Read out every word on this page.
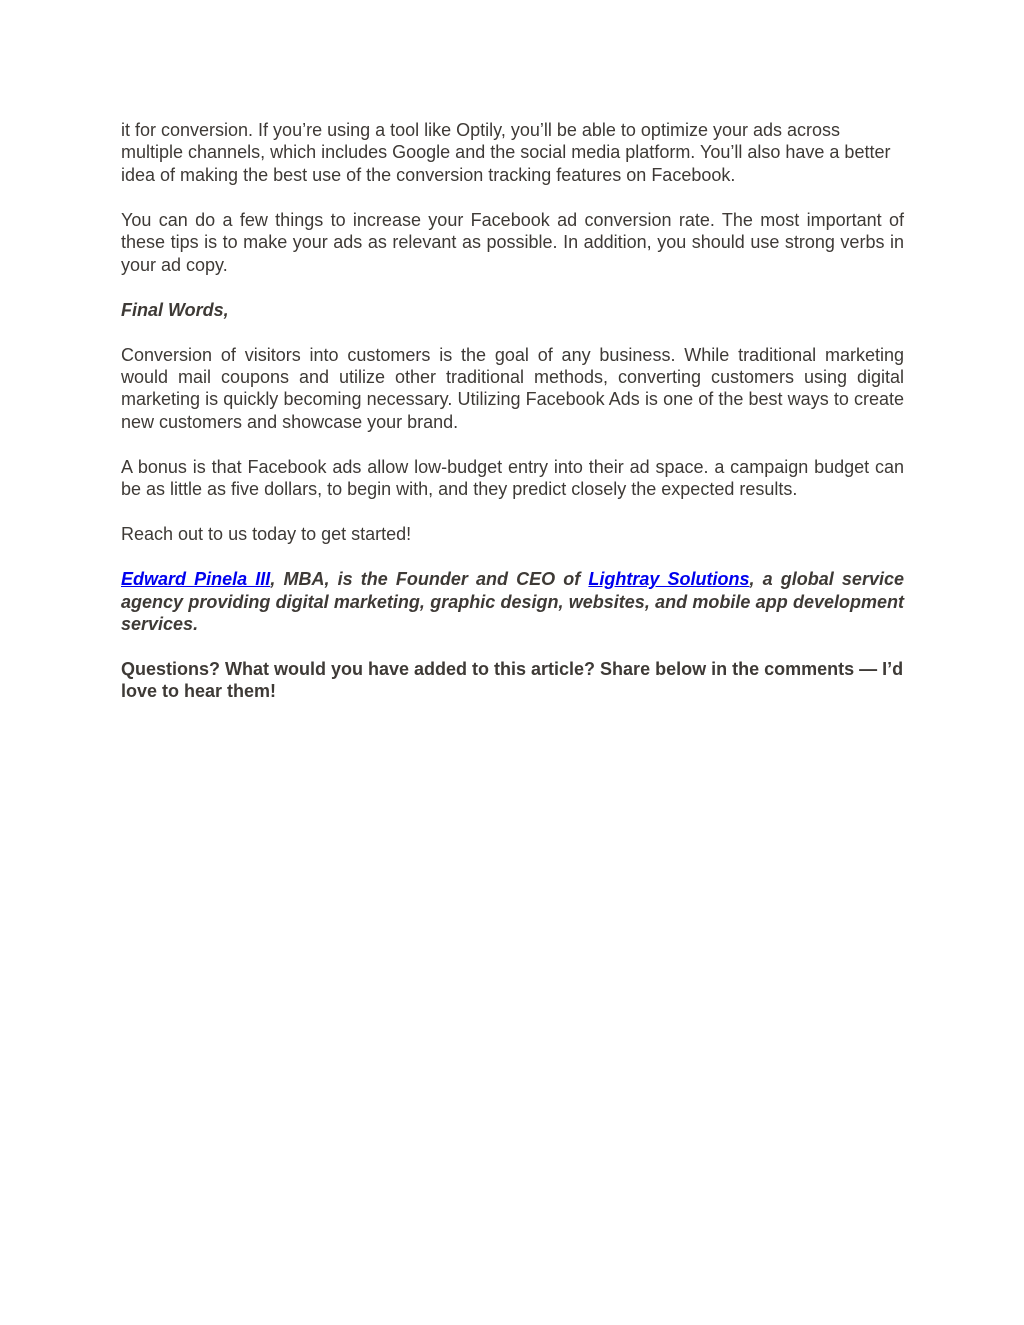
it for conversion. If you’re using a tool like Optily, you’ll be able to optimize your ads across multiple channels, which includes Google and the social media platform. You’ll also have a better idea of making the best use of the conversion tracking features on Facebook.

You can do a few things to increase your Facebook ad conversion rate. The most important of these tips is to make your ads as relevant as possible. In addition, you should use strong verbs in your ad copy.

Final Words,

Conversion of visitors into customers is the goal of any business. While traditional marketing would mail coupons and utilize other traditional methods, converting customers using digital marketing is quickly becoming necessary. Utilizing Facebook Ads is one of the best ways to create new customers and showcase your brand.

A bonus is that Facebook ads allow low-budget entry into their ad space. a campaign budget can be as little as five dollars, to begin with, and they predict closely the expected results.

Reach out to us today to get started!

Edward Pinela III, MBA, is the Founder and CEO of Lightray Solutions, a global service agency providing digital marketing, graphic design, websites, and mobile app development services.

Questions? What would you have added to this article? Share below in the comments — I’d love to hear them!
